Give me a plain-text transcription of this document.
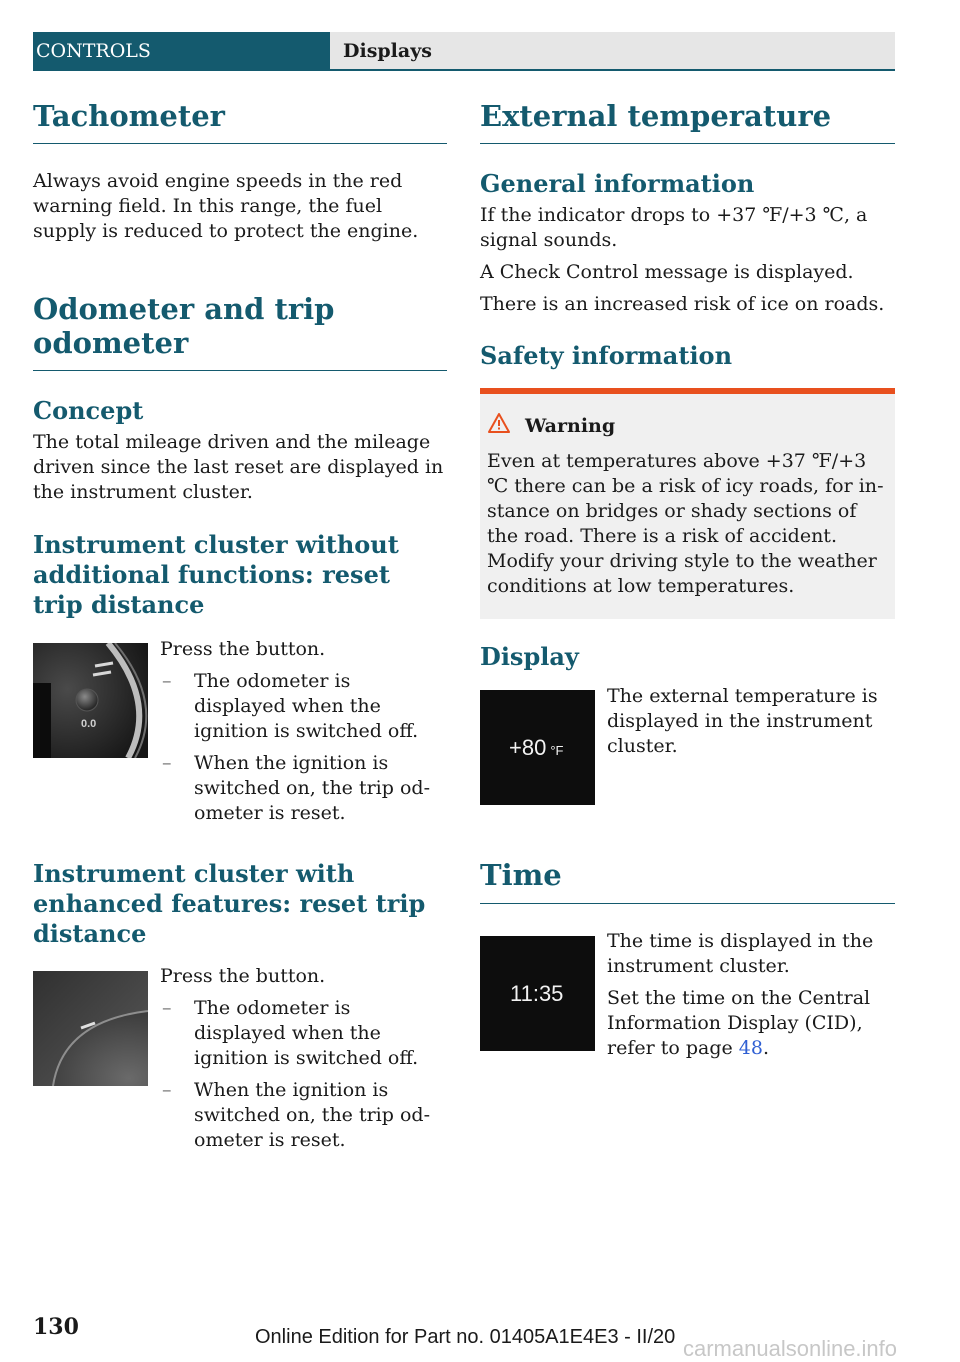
CONTROLS	Displays
Tachometer

Always avoid engine speeds in the red warning field. In this range, the fuel supply is reduced to protect the engine.

Odometer and trip odometer
Concept

The total mileage driven and the mileage driven since the last reset are displayed in the instrument cluster.

Instrument cluster without additional functions: reset trip distance
0.0

Press the button.

– The odometer is displayed when the ignition is switched off.
– When the ignition is switched on, the trip odometer is reset.
Instrument cluster with enhanced features: reset trip distance

Press the button.

– The odometer is displayed when the ignition is switched off.
– When the ignition is switched on, the trip odometer is reset.
External temperature
General information

If the indicator drops to +37 ℉/+3 ℃, a signal sounds.

A Check Control message is displayed.

There is an increased risk of ice on roads.

Safety information
Warning

Even at temperatures above +37 ℉/+3 ℃ there can be a risk of icy roads, for instance on bridges or shady sections of the road. There is a risk of accident. Modify your driving style to the weather conditions at low temperatures.

Display
+80 °F

The external temperature is displayed in the instrument cluster.

Time
11:35

The time is displayed in the instrument cluster.

Set the time on the Central Information Display (CID), refer to page 48.

130	Online Edition for Part no. 01405A1E4E3 - II/20 carmanualsonline.info
